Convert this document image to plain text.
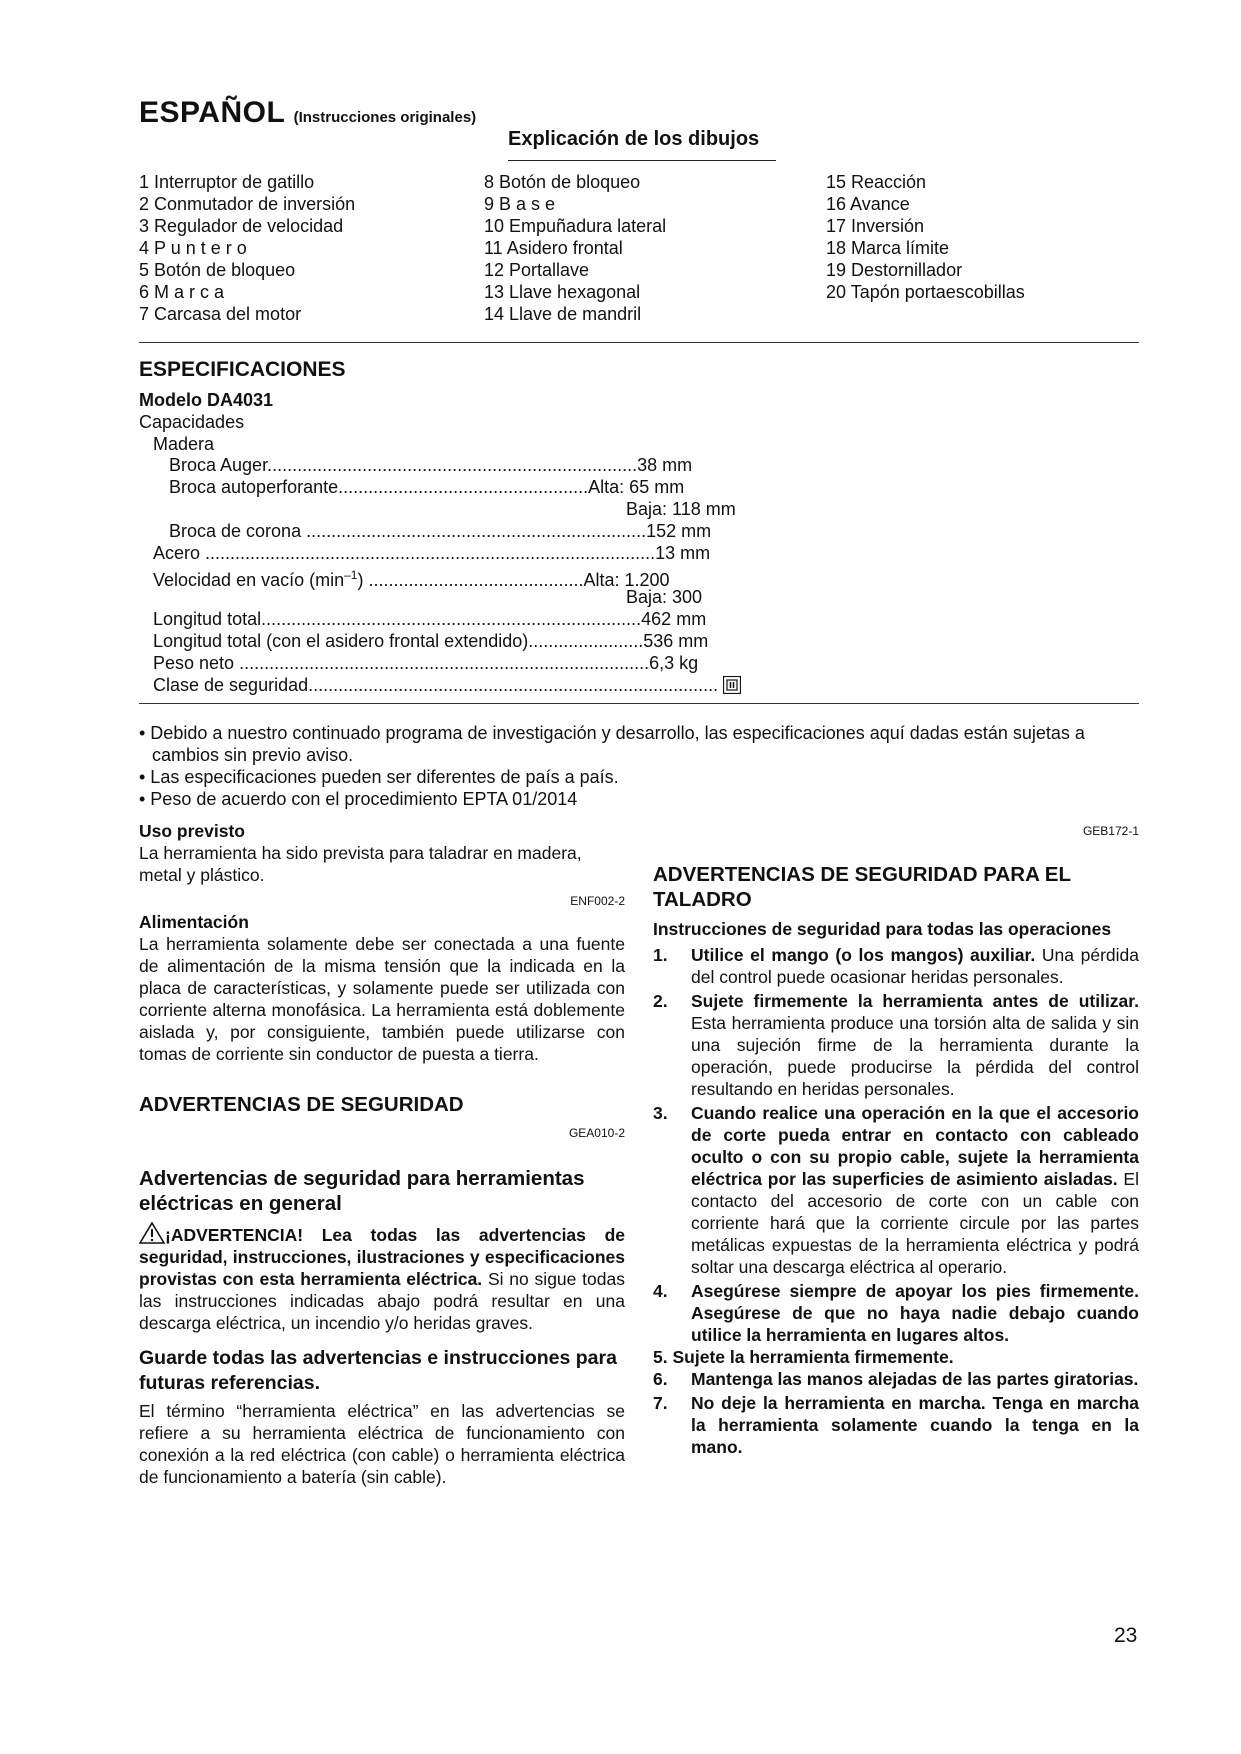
ESPAÑOL (Instrucciones originales)
Explicación de los dibujos
1 Interruptor de gatillo
2 Conmutador de inversión
3 Regulador de velocidad
4 P u n t e r o
5 Botón de bloqueo
6 M a r c a
7 Carcasa del motor
8 Botón de bloqueo
9 B a s e
10 Empuñadura lateral
11 Asidero frontal
12 Portallave
13 Llave hexagonal
14 Llave de mandril
15 Reacción
16 Avance
17 Inversión
18 Marca límite
19 Destornillador
20 Tapón portaescobillas
ESPECIFICACIONES
Modelo DA4031
Capacidades
Madera
Broca Auger..........................................................................38 mm
Broca autoperforante..................................................Alta: 65 mm
Baja: 118 mm
Broca de corona ....................................................................152 mm
Acero ..........................................................................................13 mm
Velocidad en vacío $(\min^{-1})$ ...........................................Alta: 1.200
Baja: 300
Longitud total............................................................................462 mm
Longitud total (con el asidero frontal extendido).......................536 mm
Peso neto ..................................................................................6,3 kg
Clase de seguridad..................................................................................
• Debido a nuestro continuado programa de investigación y desarrollo, las especificaciones aquí dadas están sujetas a cambios sin previo aviso.
• Las especificaciones pueden ser diferentes de país a país.
• Peso de acuerdo con el procedimiento EPTA 01/2014
Uso previsto
La herramienta ha sido prevista para taladrar en madera, metal y plástico.
ENF002-2
Alimentación
La herramienta solamente debe ser conectada a una fuente de alimentación de la misma tensión que la indicada en la placa de características, y solamente puede ser utilizada con corriente alterna monofásica. La herramienta está doblemente aislada y, por consiguiente, también puede utilizarse con tomas de corriente sin conductor de puesta a tierra.
ADVERTENCIAS DE SEGURIDAD
GEA010-2
Advertencias de seguridad para herramientas eléctricas en general
¡ADVERTENCIA! Lea todas las advertencias de seguridad, instrucciones, ilustraciones y especificaciones provistas con esta herramienta eléctrica. Si no sigue todas las instrucciones indicadas abajo podrá resultar en una descarga eléctrica, un incendio y/o heridas graves.
Guarde todas las advertencias e instrucciones para futuras referencias.
El término “herramienta eléctrica” en las advertencias se refiere a su herramienta eléctrica de funcionamiento con conexión a la red eléctrica (con cable) o herramienta eléctrica de funcionamiento a batería (sin cable).
GEB172-1
ADVERTENCIAS DE SEGURIDAD PARA EL TALADRO
Instrucciones de seguridad para todas las operaciones
1. Utilice el mango (o los mangos) auxiliar. Una pérdida del control puede ocasionar heridas personales.
2. Sujete firmemente la herramienta antes de utilizar. Esta herramienta produce una torsión alta de salida y sin una sujeción firme de la herramienta durante la operación, puede producirse la pérdida del control resultando en heridas personales.
3. Cuando realice una operación en la que el accesorio de corte pueda entrar en contacto con cableado oculto o con su propio cable, sujete la herramienta eléctrica por las superficies de asimiento aisladas. El contacto del accesorio de corte con un cable con corriente hará que la corriente circule por las partes metálicas expuestas de la herramienta eléctrica y podrá soltar una descarga eléctrica al operario.
4. Asegúrese siempre de apoyar los pies firmemente. Asegúrese de que no haya nadie debajo cuando utilice la herramienta en lugares altos.
5. Sujete la herramienta firmemente.
6. Mantenga las manos alejadas de las partes giratorias.
7. No deje la herramienta en marcha. Tenga en marcha la herramienta solamente cuando la tenga en la mano.
23
